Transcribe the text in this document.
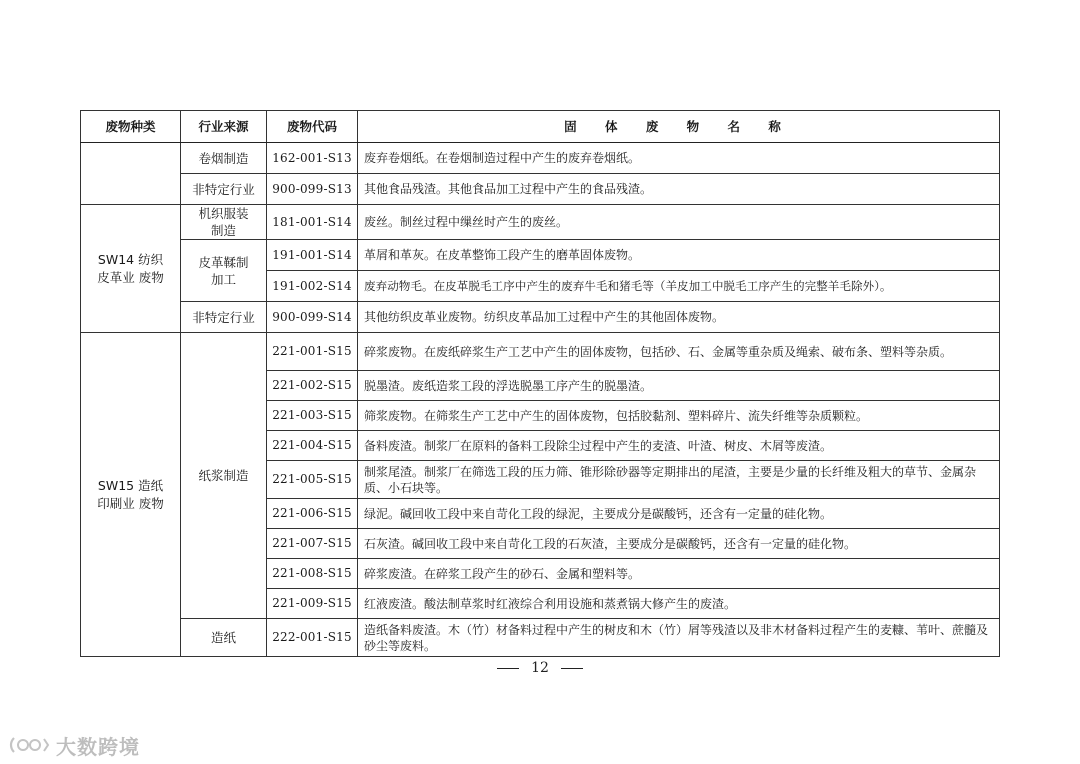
废物种类	行业来源	废物代码	固 体 废 物 名 称
	卷烟制造	162-001-S13	废弃卷烟纸。在卷烟制造过程中产生的废弃卷烟纸。
	非特定行业	900-099-S13	其他食品残渣。其他食品加工过程中产生的食品残渣。

SW14 纺织皮革业 废物	机织服装 制造	181-001-S14	废丝。制丝过程中缫丝时产生的废丝。

	皮革鞣制 加工	191-001-S14	革屑和革灰。在皮革整饰工段产生的磨革固体废物。
		191-002-S14	废弃动物毛。在皮革脱毛工序中产生的废弃牛毛和猪毛等（羊皮加工中脱毛工序产生的完整羊毛除外）。
	非特定行业	900-099-S14	其他纺织皮革业废物。纺织皮革品加工过程中产生的其他固体废物。

SW15 造纸印刷业 废物	纸浆制造	221-001-S15	碎浆废物。在废纸碎浆生产工艺中产生的固体废物，包括砂、石、金属等重杂质及绳索、破布条、塑料等杂质。
		221-002-S15	脱墨渣。废纸造浆工段的浮选脱墨工序产生的脱墨渣。
		221-003-S15	筛浆废物。在筛浆生产工艺中产生的固体废物，包括胶黏剂、塑料碎片、流失纤维等杂质颗粒。
		221-004-S15	备料废渣。制浆厂在原料的备料工段除尘过程中产生的麦渣、叶渣、树皮、木屑等废渣。
		221-005-S15	制浆尾渣。制浆厂在筛选工段的压力筛、锥形除砂器等定期排出的尾渣，主要是少量的长纤维及粗大的草节、金属杂质、小石块等。
		221-006-S15	绿泥。碱回收工段中来自苛化工段的绿泥，主要成分是碳酸钙，还含有一定量的硅化物。
		221-007-S15	石灰渣。碱回收工段中来自苛化工段的石灰渣，主要成分是碳酸钙，还含有一定量的硅化物。
		221-008-S15	碎浆废渣。在碎浆工段产生的砂石、金属和塑料等。
		221-009-S15	红液废渣。酸法制草浆时红液综合利用设施和蒸煮锅大修产生的废渣。
	造纸	222-001-S15	造纸备料废渣。木（竹）材备料过程中产生的树皮和木（竹）屑等残渣以及非木材备料过程产生的麦糠、苇叶、蔗髓及砂尘等废料。
12
大数跨境
